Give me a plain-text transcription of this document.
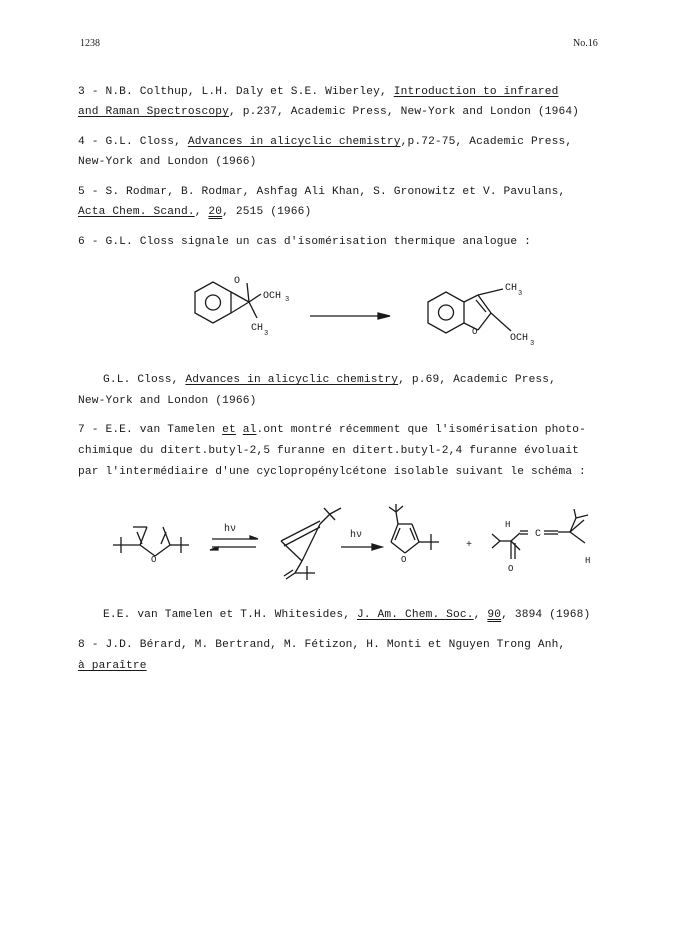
1238	No.16
3 - N.B. Colthup, L.H. Daly et S.E. Wiberley, Introduction to infrared
and Raman Spectroscopy, p.237, Academic Press, New-York and London (1964)
4 - G.L. Closs, Advances in alicyclic chemistry,p.72-75, Academic Press,
New-York and London (1966)
5 - S. Rodmar, B. Rodmar, Ashfag Ali Khan, S. Gronowitz et V. Pavulans,
Acta Chem. Scand., 20, 2515 (1966)
6 - G.L. Closs signale un cas d'isomérisation thermique analogue :
O
OCH 3
CH 3
CH 3
O
OCH 3
G.L. Closs, Advances in alicyclic chemistry, p.69, Academic Press,
New-York and London (1966)
7 - E.E. van Tamelen et al.ont montré récemment que l'isomérisation photo-
chimique du ditert.butyl-2,5 furanne en ditert.butyl-2,4 furanne évoluait
par l'intermédiaire d'une cyclopropénylcétone isolable suivant le schéma :
hν
hν
O	O
+
H
C
H
O
E.E. van Tamelen et T.H. Whitesides, J. Am. Chem. Soc., 90, 3894 (1968)
8 - J.D. Bérard, M. Bertrand, M. Fétizon, H. Monti et Nguyen Trong Anh,
à paraître
